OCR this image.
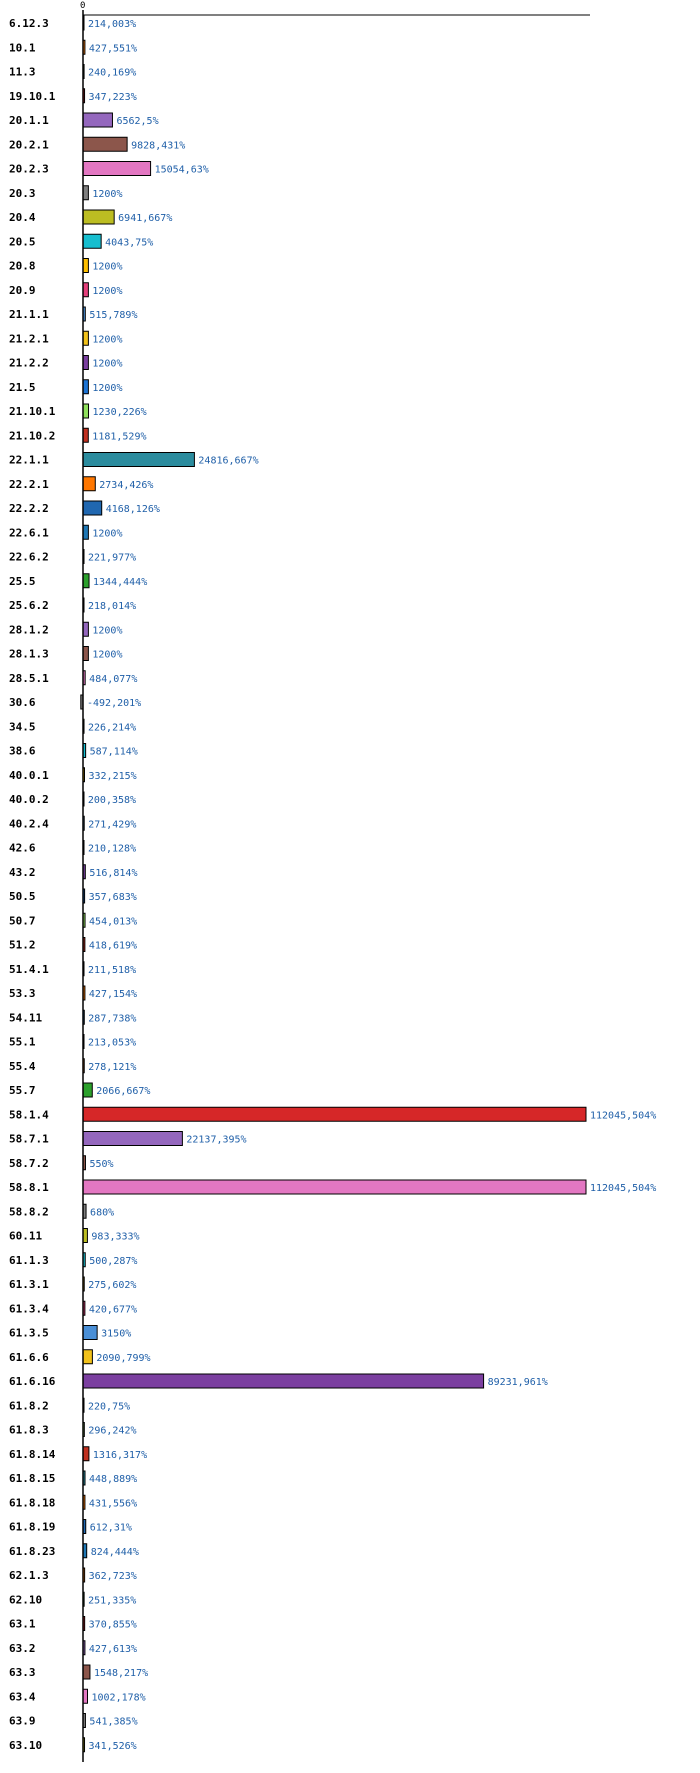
6.12.3	214,003%
10.1	427,551%
11.3	240,169%
19.10.1	347,223%
20.1.1	6562,5%
20.2.1	9828,431%
20.2.3	15054,63%
20.3	1200%
20.4	6941,667%
20.5	4043,75%
20.8	1200%
20.9	1200%
21.1.1	515,789%
21.2.1	1200%
21.2.2	1200%
21.5	1200%
21.10.1	1230,226%
21.10.2	1181,529%
22.1.1	24816,667%
22.2.1	2734,426%
22.2.2	4168,126%
22.6.1	1200%
22.6.2	221,977%
25.5	1344,444%
25.6.2	218,014%
28.1.2	1200%
28.1.3	1200%
28.5.1	484,077%
30.6	-492,201%
34.5	226,214%
38.6	587,114%
40.0.1	332,215%
40.0.2	200,358%
40.2.4	271,429%
42.6	210,128%
43.2	516,814%
50.5	357,683%
50.7	454,013%
51.2	418,619%
51.4.1	211,518%
53.3	427,154%
54.11	287,738%
55.1	213,053%
55.4	278,121%
55.7	2066,667%
58.1.4	112045,504%
58.7.1	22137,395%
58.7.2	550%
58.8.1	112045,504%
58.8.2	680%
60.11	983,333%
61.1.3	500,287%
61.3.1	275,602%
61.3.4	420,677%
61.3.5	3150%
61.6.6	2090,799%
61.6.16	89231,961%
61.8.2	220,75%
61.8.3	296,242%
61.8.14	1316,317%
61.8.15	448,889%
61.8.18	431,556%
61.8.19	612,31%
61.8.23	824,444%
62.1.3	362,723%
62.10	251,335%
63.1	370,855%
63.2	427,613%
63.3	1548,217%
63.4	1002,178%
63.9	541,385%
63.10	341,526%
0
